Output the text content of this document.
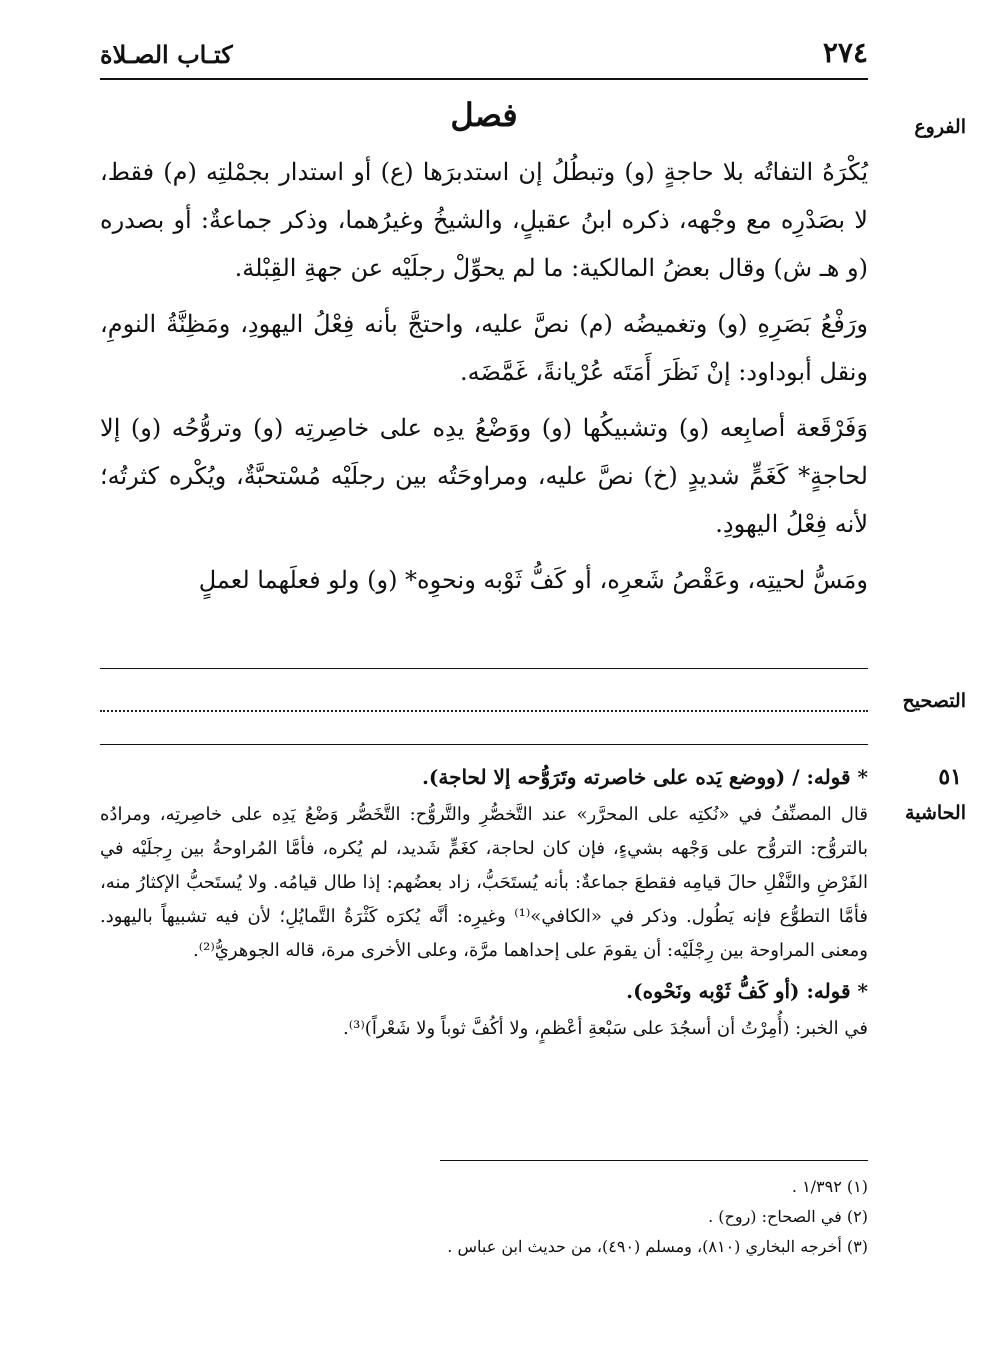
كتـاب الصـلاة	٢٧٤
الفروع
فصل

يُكْرَهُ التفاتُه بلا حاجةٍ (و) وتبطُلُ إن استدبرَها (ع) أو استدار بجمْلتِه (م) فقط، لا بصَدْرِه مع وجْهه، ذكره ابنُ عقيلٍ، والشيخُ وغيرُهما، وذكر جماعةٌ: أو بصدره (و هـ ش) وقال بعضُ المالكية: ما لم يحوِّلْ رجلَيْه عن جهةِ القِبْلة.

ورَفْعُ بَصَرِهِ (و) وتغميضُه (م) نصَّ عليه، واحتجَّ بأنه فِعْلُ اليهودِ، ومَظِنَّةُ النومِ، ونقل أبوداود: إنْ نَظَرَ أَمَتَه عُرْيانةً، غَمَّضَه.

وَفَرْقَعة أصابِعه (و) وتشبيكُها (و) ووَضْعُ يدِه على خاصِرتِه (و) وتروُّحُه (و) إلا لحاجةٍ* كَغَمٍّ شديدٍ (خ) نصَّ عليه، ومراوحَتُه بين رجلَيْه مُسْتحبَّةٌ، ويُكْره كثرتُه؛ لأنه فِعْلُ اليهودِ.

ومَسُّ لحيتِه، وعَقْصُ شَعرِه، أو كَفُّ ثَوْبه ونحوِه* (و) ولو فعلَهما لعملٍ

التصحيح
٥١
الحاشية

* قوله: / (ووضع يَده على خاصرته وتَرَوُّحه إلا لحاجة).

قال المصنِّفُ في «نُكتِه على المحرَّر» عند التَّخصُّرِ والتَّروُّح: التَّخَصُّر وَضْعُ يَدِه على خاصِرتِه، ومرادُه بالتروُّح: التروُّح على وَجْهه بشيءٍ، فإن كان لحاجة، كغَمٍّ شَديد، لم يُكره، فأمَّا المُراوحةُ بين رِجلَيْه في الفَرْضِ والنَّفْلِ حالَ قيامِه فقطعَ جماعةٌ: بأنه يُستَحَبُّ، زاد بعضُهم: إذا طال قيامُه. ولا يُستَحبُّ الإكثارُ منه، فأمَّا التطوُّع فإنه يَطُول. وذكر في «الكافي»⁽¹⁾ وغيرِه: أنَّه يُكرَه كَثْرَةُ التَّمايُلِ؛ لأن فيه تشبيهاً باليهود. ومعنى المراوحة بين رِجْلَيْه: أن يقومَ على إحداهما مرَّة، وعلى الأخرى مرة، قاله الجوهريُّ⁽²⁾.

* قوله: (أو كَفُّ ثَوْبه ونَحْوه).

في الخبر: (أُمِرْتُ أن أسجُدَ على سَبْعةِ أعْظمٍ، ولا أكُفَّ ثوباً ولا شَعْراً)⁽³⁾.

(١) ١/٣٩٢ .

(٢) في الصحاح: (روح) .

(٣) أخرجه البخاري (٨١٠)، ومسلم (٤٩٠)، من حديث ابن عباس .
